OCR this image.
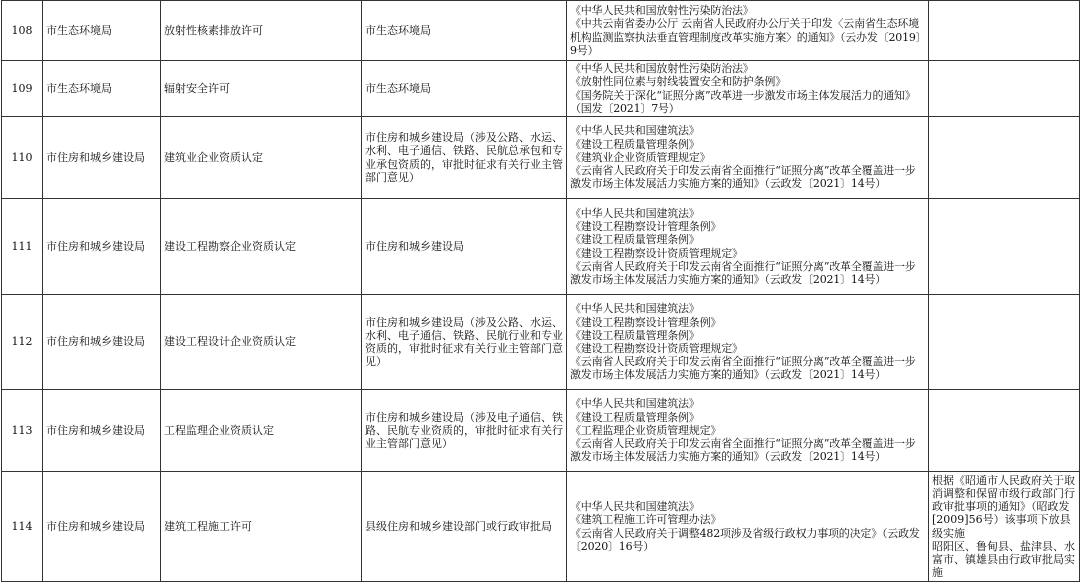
108	市生态环境局	放射性核素排放许可	市生态环境局	《中华人民共和国放射性污染防治法》
《中共云南省委办公厅 云南省人民政府办公厅关于印发〈云南省生态环境机构监测监察执法垂直管理制度改革实施方案〉的通知》（云办发〔2019〕9号）	
109	市生态环境局	辐射安全许可	市生态环境局	《中华人民共和国放射性污染防治法》
《放射性同位素与射线装置安全和防护条例》
《国务院关于深化“证照分离”改革进一步激发市场主体发展活力的通知》（国发〔2021〕7号）	
110	市住房和城乡建设局	建筑业企业资质认定	市住房和城乡建设局（涉及公路、水运、水利、电子通信、铁路、民航总承包和专业承包资质的，审批时征求有关行业主管部门意见）	《中华人民共和国建筑法》
《建设工程质量管理条例》
《建筑业企业资质管理规定》
《云南省人民政府关于印发云南省全面推行“证照分离”改革全覆盖进一步激发市场主体发展活力实施方案的通知》（云政发〔2021〕14号）	
111	市住房和城乡建设局	建设工程勘察企业资质认定	市住房和城乡建设局	《中华人民共和国建筑法》
《建设工程勘察设计管理条例》
《建设工程质量管理条例》
《建设工程勘察设计资质管理规定》
《云南省人民政府关于印发云南省全面推行“证照分离”改革全覆盖进一步激发市场主体发展活力实施方案的通知》（云政发〔2021〕14号）	
112	市住房和城乡建设局	建设工程设计企业资质认定	市住房和城乡建设局（涉及公路、水运、水利、电子通信、铁路、民航行业和专业资质的，审批时征求有关行业主管部门意见）	《中华人民共和国建筑法》
《建设工程勘察设计管理条例》
《建设工程质量管理条例》
《建设工程勘察设计资质管理规定》
《云南省人民政府关于印发云南省全面推行“证照分离”改革全覆盖进一步激发市场主体发展活力实施方案的通知》（云政发〔2021〕14号）	
113	市住房和城乡建设局	工程监理企业资质认定	市住房和城乡建设局（涉及电子通信、铁路、民航专业资质的，审批时征求有关行业主管部门意见）	《中华人民共和国建筑法》
《建设工程质量管理条例》
《工程监理企业资质管理规定》
《云南省人民政府关于印发云南省全面推行“证照分离”改革全覆盖进一步激发市场主体发展活力实施方案的通知》（云政发〔2021〕14号）	
114	市住房和城乡建设局	建筑工程施工许可	县级住房和城乡建设部门或行政审批局	《中华人民共和国建筑法》
《建筑工程施工许可管理办法》
《云南省人民政府关于调整482项涉及省级行政权力事项的决定》（云政发〔2020〕16号）	根据《昭通市人民政府关于取消调整和保留市级行政部门行政审批事项的通知》（昭政发[2009]56号）该事项下放县级实施
昭阳区、鲁甸县、盐津县、水富市、镇雄县由行政审批局实施
